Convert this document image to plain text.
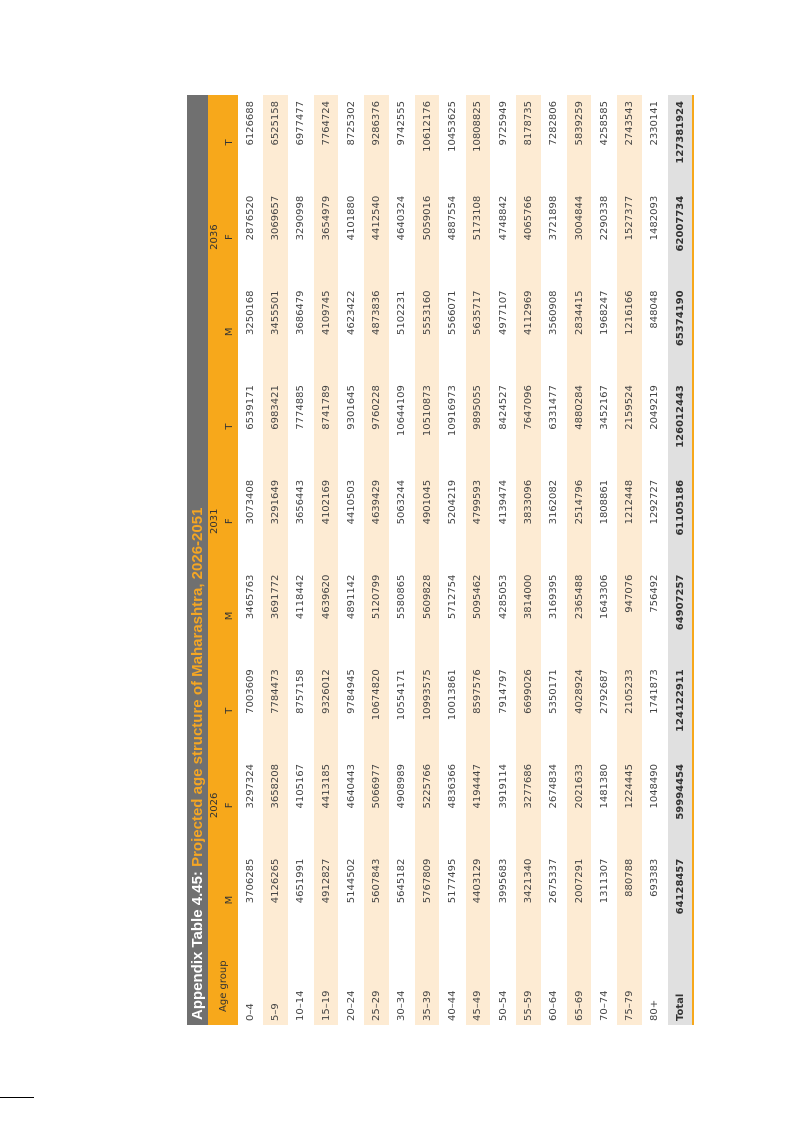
Appendix Table 4.45: Projected age structure of Maharashtra, 2026-2051
Age group	2026			2031			2036		
	M	F	T	M	F	T	M	F	T
0–4	3706285	3297324	7003609	3465763	3073408	6539171	3250168	2876520	6126688
5–9	4126265	3658208	7784473	3691772	3291649	6983421	3455501	3069657	6525158
10–14	4651991	4105167	8757158	4118442	3656443	7774885	3686479	3290998	6977477
15–19	4912827	4413185	9326012	4639620	4102169	8741789	4109745	3654979	7764724
20–24	5144502	4640443	9784945	4891142	4410503	9301645	4623422	4101880	8725302
25–29	5607843	5066977	10674820	5120799	4639429	9760228	4873836	4412540	9286376
30–34	5645182	4908989	10554171	5580865	5063244	10644109	5102231	4640324	9742555
35–39	5767809	5225766	10993575	5609828	4901045	10510873	5553160	5059016	10612176
40–44	5177495	4836366	10013861	5712754	5204219	10916973	5566071	4887554	10453625
45–49	4403129	4194447	8597576	5095462	4799593	9895055	5635717	5173108	10808825
50–54	3995683	3919114	7914797	4285053	4139474	8424527	4977107	4748842	9725949
55–59	3421340	3277686	6699026	3814000	3833096	7647096	4112969	4065766	8178735
60–64	2675337	2674834	5350171	3169395	3162082	6331477	3560908	3721898	7282806
65–69	2007291	2021633	4028924	2365488	2514796	4880284	2834415	3004844	5839259
70–74	1311307	1481380	2792687	1643306	1808861	3452167	1968247	2290338	4258585
75–79	880788	1224445	2105233	947076	1212448	2159524	1216166	1527377	2743543
80+	693383	1048490	1741873	756492	1292727	2049219	848048	1482093	2330141
Total	64128457	59994454	124122911	64907257	61105186	126012443	65374190	62007734	127381924
